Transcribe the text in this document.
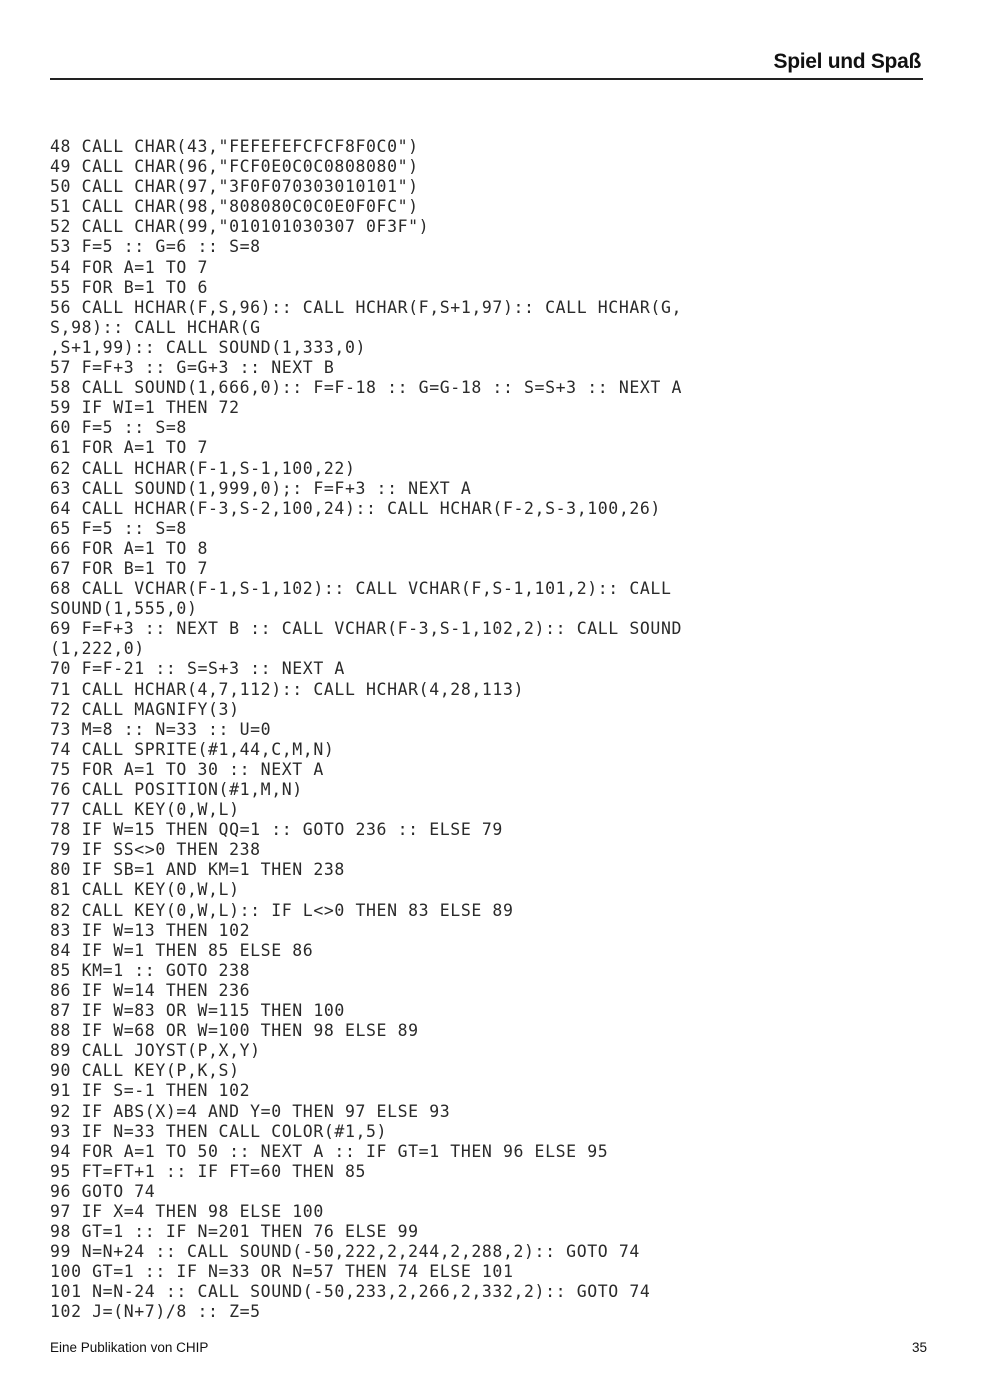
Spiel und Spaß
48 CALL CHAR(43,"FEFEFEFCFCF8F0C0")
49 CALL CHAR(96,"FCF0E0C0C0808080")
50 CALL CHAR(97,"3F0F070303010101")
51 CALL CHAR(98,"808080C0C0E0F0FC")
52 CALL CHAR(99,"010101030307 0F3F")
53 F=5 :: G=6 :: S=8
54 FOR A=1 TO 7
55 FOR B=1 TO 6
56 CALL HCHAR(F,S,96):: CALL HCHAR(F,S+1,97):: CALL HCHAR(G,
S,98):: CALL HCHAR(G
,S+1,99):: CALL SOUND(1,333,0)
57 F=F+3 :: G=G+3 :: NEXT B
58 CALL SOUND(1,666,0):: F=F-18 :: G=G-18 :: S=S+3 :: NEXT A
59 IF WI=1 THEN 72
60 F=5 :: S=8
61 FOR A=1 TO 7
62 CALL HCHAR(F-1,S-1,100,22)
63 CALL SOUND(1,999,0);: F=F+3 :: NEXT A
64 CALL HCHAR(F-3,S-2,100,24):: CALL HCHAR(F-2,S-3,100,26)
65 F=5 :: S=8
66 FOR A=1 TO 8
67 FOR B=1 TO 7
68 CALL VCHAR(F-1,S-1,102):: CALL VCHAR(F,S-1,101,2):: CALL
SOUND(1,555,0)
69 F=F+3 :: NEXT B :: CALL VCHAR(F-3,S-1,102,2):: CALL SOUND
(1,222,0)
70 F=F-21 :: S=S+3 :: NEXT A
71 CALL HCHAR(4,7,112):: CALL HCHAR(4,28,113)
72 CALL MAGNIFY(3)
73 M=8 :: N=33 :: U=0
74 CALL SPRITE(#1,44,C,M,N)
75 FOR A=1 TO 30 :: NEXT A
76 CALL POSITION(#1,M,N)
77 CALL KEY(0,W,L)
78 IF W=15 THEN QQ=1 :: GOTO 236 :: ELSE 79
79 IF SS<>0 THEN 238
80 IF SB=1 AND KM=1 THEN 238
81 CALL KEY(0,W,L)
82 CALL KEY(0,W,L):: IF L<>0 THEN 83 ELSE 89
83 IF W=13 THEN 102
84 IF W=1 THEN 85 ELSE 86
85 KM=1 :: GOTO 238
86 IF W=14 THEN 236
87 IF W=83 OR W=115 THEN 100
88 IF W=68 OR W=100 THEN 98 ELSE 89
89 CALL JOYST(P,X,Y)
90 CALL KEY(P,K,S)
91 IF S=-1 THEN 102
92 IF ABS(X)=4 AND Y=0 THEN 97 ELSE 93
93 IF N=33 THEN CALL COLOR(#1,5)
94 FOR A=1 TO 50 :: NEXT A :: IF GT=1 THEN 96 ELSE 95
95 FT=FT+1 :: IF FT=60 THEN 85
96 GOTO 74
97 IF X=4 THEN 98 ELSE 100
98 GT=1 :: IF N=201 THEN 76 ELSE 99
99 N=N+24 :: CALL SOUND(-50,222,2,244,2,288,2):: GOTO 74
100 GT=1 :: IF N=33 OR N=57 THEN 74 ELSE 101
101 N=N-24 :: CALL SOUND(-50,233,2,266,2,332,2):: GOTO 74
102 J=(N+7)/8 :: Z=5
Eine Publikation von CHIP	35
